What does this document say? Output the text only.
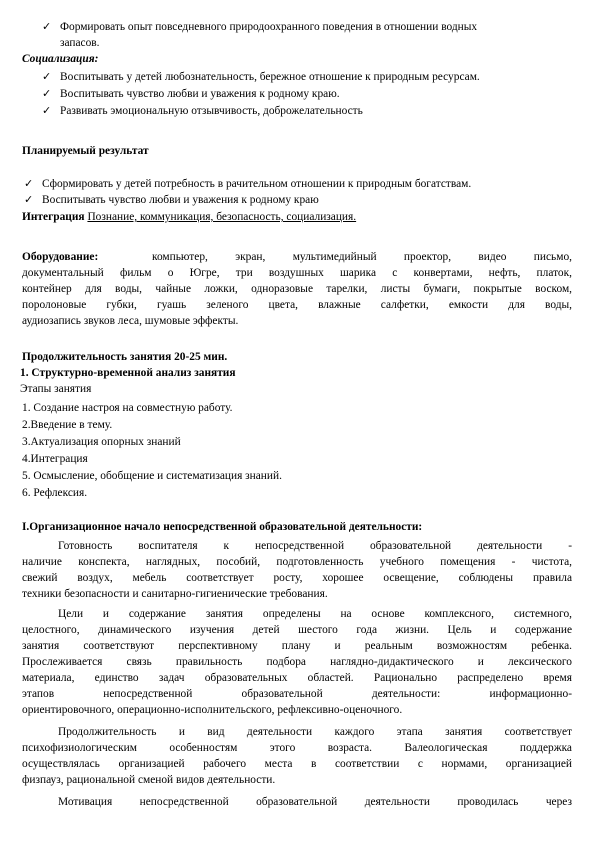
✓ Формировать опыт повседневного природоохранного поведения в отношении водных
запасов.
Социализация:
✓ Воспитывать у детей любознательность, бережное отношение к природным ресурсам.
✓ Воспитывать чувство любви и уважения к родному краю.
✓ Развивать эмоциональную отзывчивость, доброжелательность
Планируемый результат
✓ Сформировать у детей потребность в рачительном отношении к природным богатствам.
✓ Воспитывать чувство любви и уважения к родному краю
Интеграция Познание, коммуникация, безопасность, социализация.
Оборудование:	компьютер, экран, мультимедийный проектор, видео письмо,
документальный фильм о Югре, три воздушных шарика с конвертами, нефть, платок,
контейнер для воды, чайные ложки, одноразовые тарелки, листы бумаги, покрытые воском,
поролоновые губки, гуашь зеленого цвета, влажные салфетки, емкости для воды,
аудиозапись звуков леса, шумовые эффекты.
Продолжительность занятия 20-25 мин.
1. Структурно-временной анализ занятия
Этапы занятия
1. Создание настроя на совместную работу.
2.Введение в тему.
3.Актуализация опорных знаний
4.Интеграция
5. Осмысление, обобщение и систематизация знаний.
6. Рефлексия.
I.Организационное начало непосредственной образовательной деятельности:
Готовность воспитателя к непосредственной образовательной деятельности -
наличие конспекта, наглядных, пособий, подготовленность учебного помещения - чистота,
свежий воздух, мебель соответствует росту, хорошее освещение, соблюдены правила
техники безопасности и санитарно-гигиенические требования.
Цели и содержание занятия определены на основе комплексного, системного,
целостного, динамического изучения детей шестого года жизни. Цель и содержание
занятия соответствуют перспективному плану и реальным возможностям ребенка.
Прослеживается связь правильность подбора наглядно-дидактического и лексического
материала, единство задач образовательных областей. Рационально распределено время
этапов непосредственной образовательной деятельности: информационно-
ориентировочного, операционно-исполнительского, рефлексивно-оценочного.
Продолжительность и вид деятельности каждого этапа занятия соответствует
психофизиологическим особенностям этого возраста. Валеологическая поддержка
осуществлялась организацией рабочего места в соответствии с нормами, организацией
физпауз, рациональной сменой видов деятельности.
Мотивация непосредственной образовательной деятельности проводилась через
